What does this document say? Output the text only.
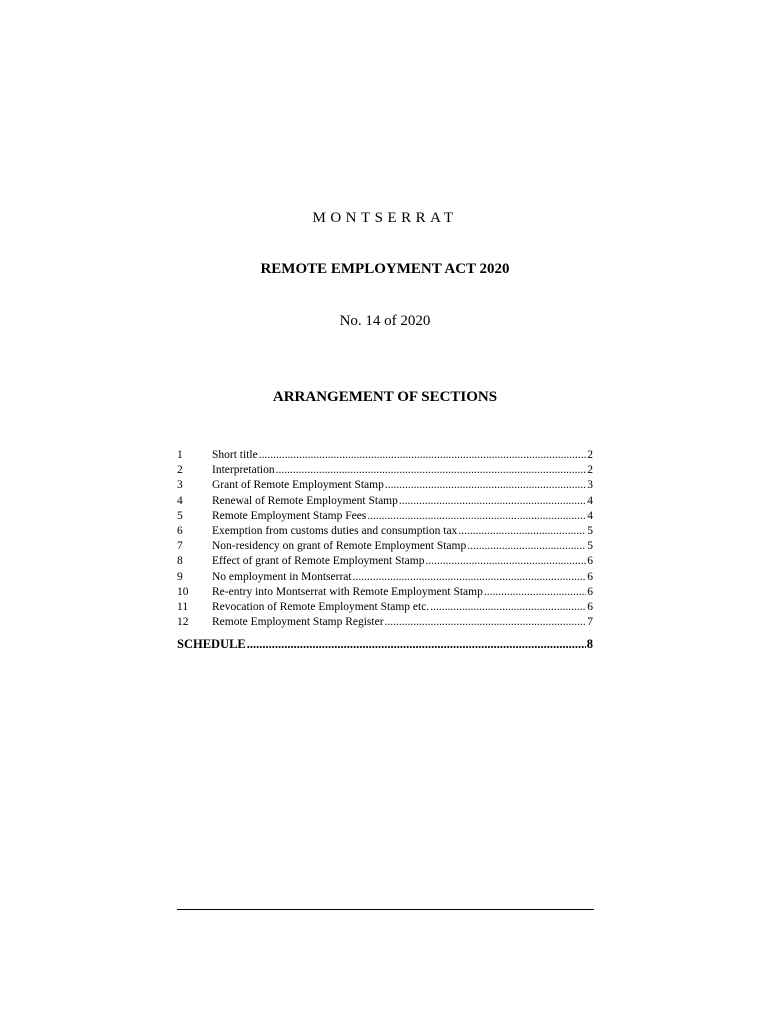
MONTSERRAT
REMOTE EMPLOYMENT ACT 2020
No. 14 of 2020
ARRANGEMENT OF SECTIONS
1	Short title .....	2
2	Interpretation .....	2
3	Grant of Remote Employment Stamp .....	3
4	Renewal of Remote Employment Stamp .....	4
5	Remote Employment Stamp Fees .....	4
6	Exemption from customs duties and consumption tax .....	5
7	Non-residency on grant of Remote Employment Stamp .....	5
8	Effect of grant of Remote Employment Stamp .....	6
9	No employment in Montserrat .....	6
10	Re-entry into Montserrat with Remote Employment Stamp .....	6
11	Revocation of Remote Employment Stamp etc. .....	6
12	Remote Employment Stamp Register .....	7
SCHEDULE .....	8
